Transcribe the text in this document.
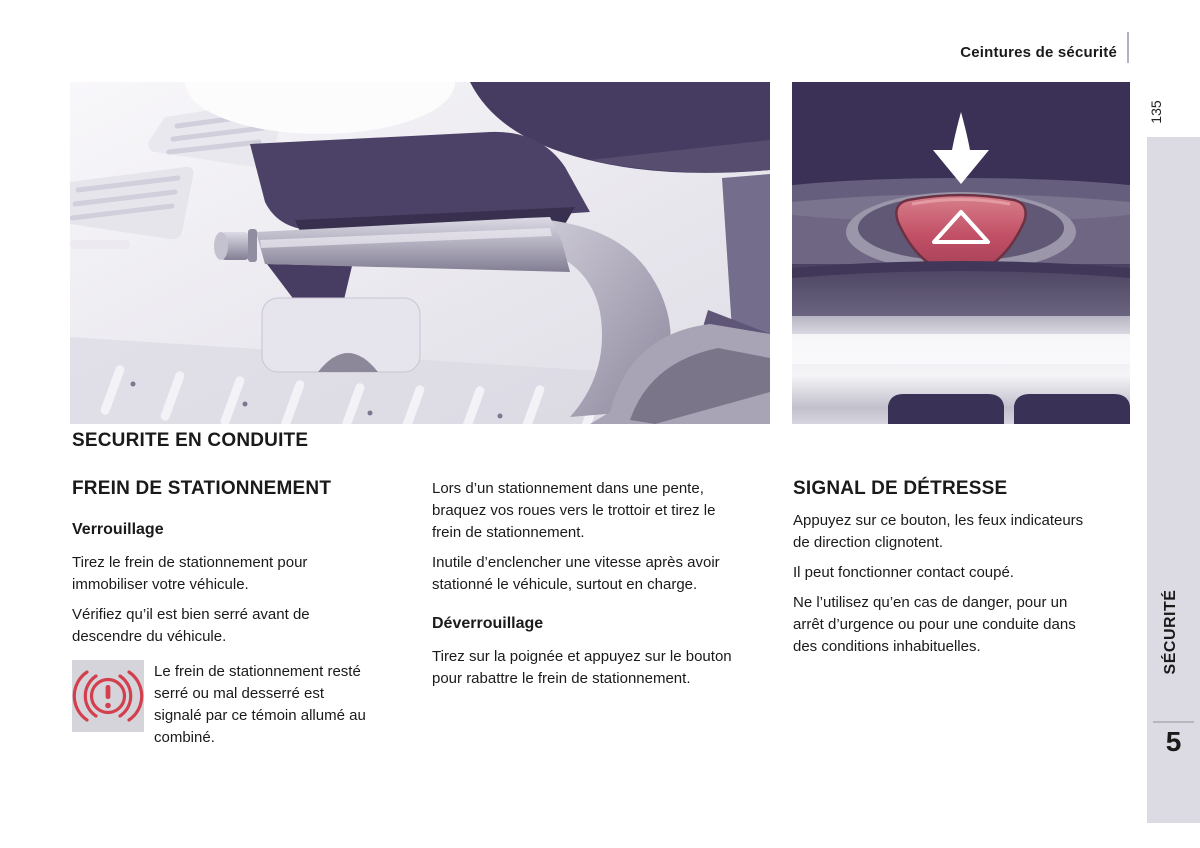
Ceintures de sécurité
135
SÉCURITÉ
5
SECURITE EN CONDUITE
FREIN DE STATIONNEMENT
Verrouillage

Tirez le frein de stationnement pour immobiliser votre véhicule.

Vérifiez qu’il est bien serré avant de descendre du véhicule.

Le frein de stationnement resté serré ou mal desserré est signalé par ce témoin allumé au combiné.

Lors d’un stationnement dans une pente, braquez vos roues vers le trottoir et tirez le frein de stationnement.

Inutile d’enclencher une vitesse après avoir stationné le véhicule, surtout en charge.

Déverrouillage

Tirez sur la poignée et appuyez sur le bouton pour rabattre le frein de stationnement.

SIGNAL DE DÉTRESSE

Appuyez sur ce bouton, les feux indicateurs de direction clignotent.

Il peut fonctionner contact coupé.

Ne l’utilisez qu’en cas de danger, pour un arrêt d’urgence ou pour une conduite dans des conditions inhabituelles.
